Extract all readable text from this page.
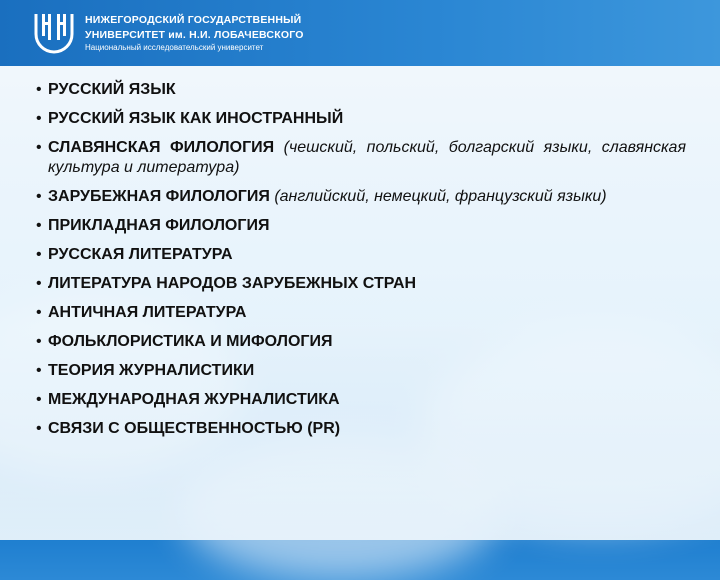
НИЖЕГОРОДСКИЙ ГОСУДАРСТВЕННЫЙ
УНИВЕРСИТЕТ им. Н.И. ЛОБАЧЕВСКОГО
Национальный исследовательский университет
• РУССКИЙ ЯЗЫК
• РУССКИЙ ЯЗЫК КАК ИНОСТРАННЫЙ
• СЛАВЯНСКАЯ ФИЛОЛОГИЯ (чешский, польский, болгарский языки, славянская культура и литература)
• ЗАРУБЕЖНАЯ ФИЛОЛОГИЯ (английский, немецкий, французский языки)
• ПРИКЛАДНАЯ ФИЛОЛОГИЯ
• РУССКАЯ ЛИТЕРАТУРА
• ЛИТЕРАТУРА НАРОДОВ ЗАРУБЕЖНЫХ СТРАН
• АНТИЧНАЯ ЛИТЕРАТУРА
• ФОЛЬКЛОРИСТИКА И МИФОЛОГИЯ
• ТЕОРИЯ ЖУРНАЛИСТИКИ
• МЕЖДУНАРОДНАЯ ЖУРНАЛИСТИКА
• СВЯЗИ С ОБЩЕСТВЕННОСТЬЮ (PR)
